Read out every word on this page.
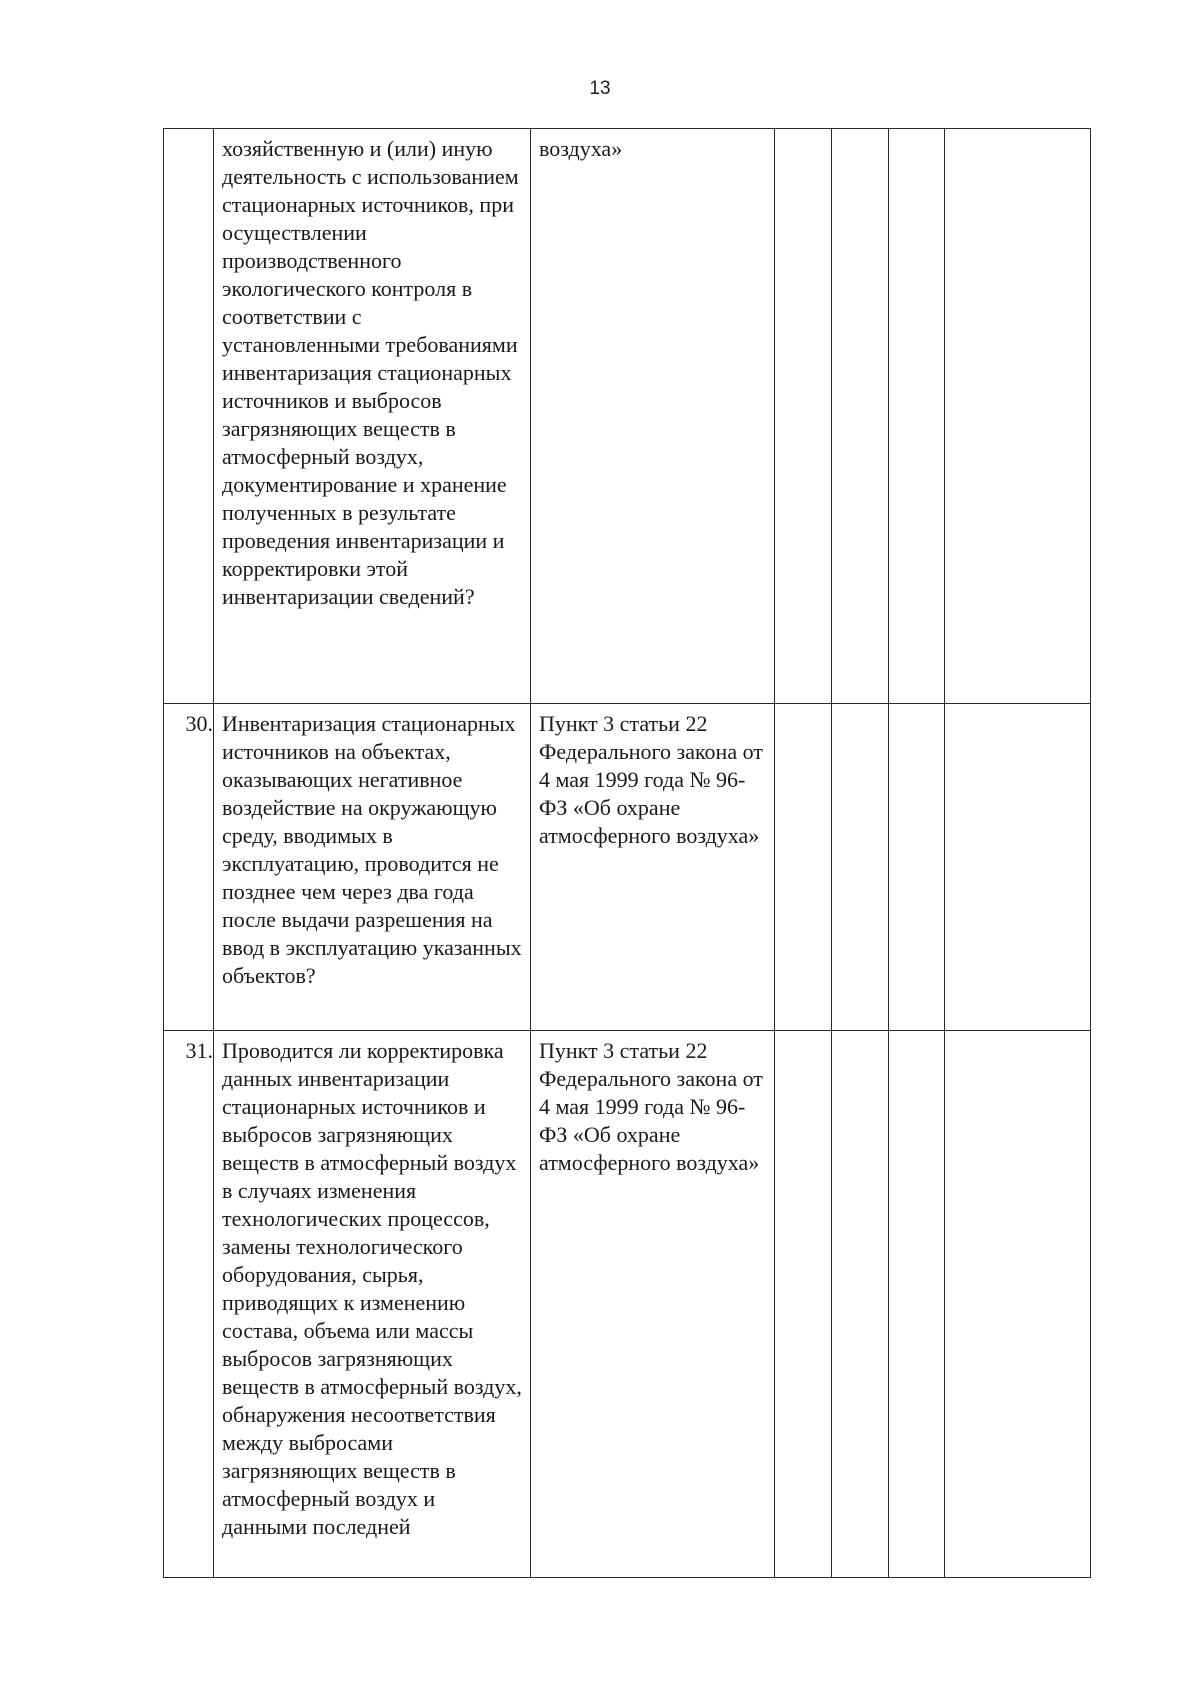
13

	хозяйственную и (или) иную деятельность с использованием стационарных источников, при осуществлении производственного экологического контроля в соответствии с установленными требованиями инвентаризация стационарных источников и выбросов загрязняющих веществ в атмосферный воздух, документирование и хранение полученных в результате проведения инвентаризации и корректировки этой инвентаризации сведений?	воздуха»				

30.	Инвентаризация стационарных источников на объектах, оказывающих негативное воздействие на окружающую среду, вводимых в эксплуатацию, проводится не позднее чем через два года после выдачи разрешения на ввод в эксплуатацию указанных объектов?	Пункт 3 статьи 22 Федерального закона от 4 мая 1999 года № 96-ФЗ «Об охране атмосферного воздуха»				

31.	Проводится ли корректировка данных инвентаризации стационарных источников и выбросов загрязняющих веществ в атмосферный воздух в случаях изменения технологических процессов, замены технологического оборудования, сырья, приводящих к изменению состава, объема или массы выбросов загрязняющих веществ в атмосферный воздух, обнаружения несоответствия между выбросами загрязняющих веществ в атмосферный воздух и данными последней	Пункт 3 статьи 22 Федерального закона от 4 мая 1999 года № 96-ФЗ «Об охране атмосферного воздуха»				
